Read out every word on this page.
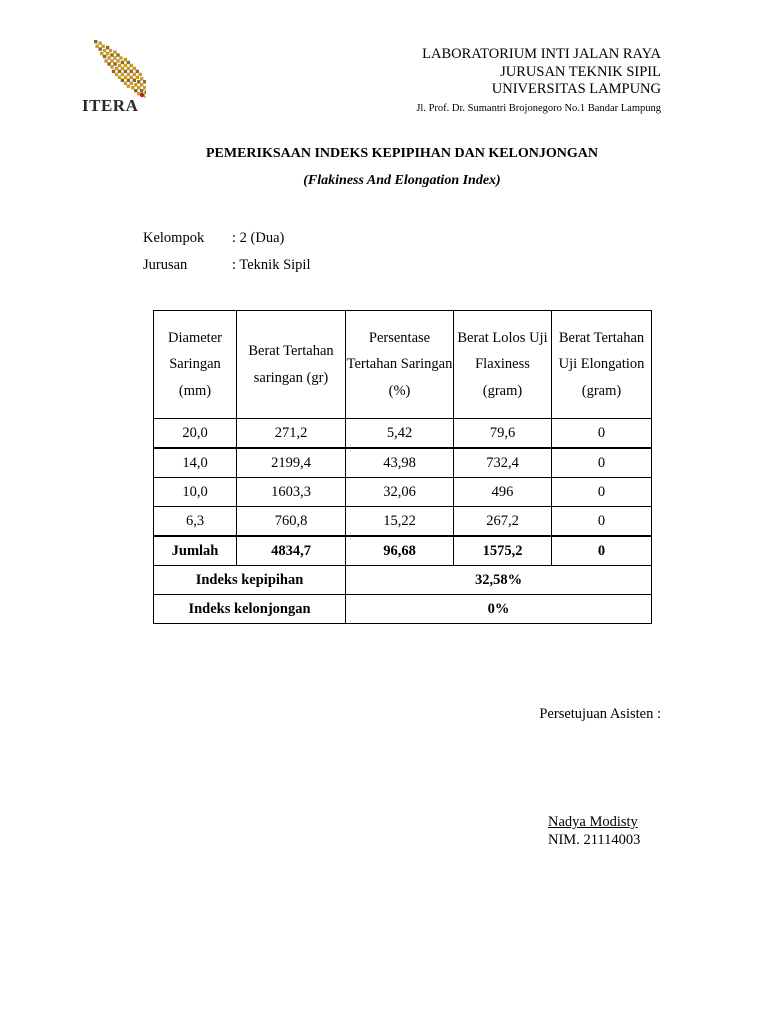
ITERA
LABORATORIUM INTI JALAN RAYA
JURUSAN TEKNIK SIPIL
UNIVERSITAS LAMPUNG
Jl. Prof. Dr. Sumantri Brojonegoro No.1 Bandar Lampung
PEMERIKSAAN INDEKS KEPIPIHAN DAN KELONJONGAN
(Flakiness And Elongation Index)
Kelompok : 2 (Dua)
Jurusan	: Teknik Sipil
Diameter Saringan (mm)	Berat Tertahan saringan (gr)	Persentase Tertahan Saringan (%)	Berat Lolos Uji Flaxiness (gram)	Berat Tertahan Uji Elongation (gram)
20,0	271,2	5,42	79,6	0
14,0	2199,4	43,98	732,4	0
10,0	1603,3	32,06	496	0
6,3	760,8	15,22	267,2	0
Jumlah	4834,7	96,68	1575,2	0
Indeks kepipihan		32,58%		
Indeks kelonjongan		0%		
Persetujuan Asisten :
Nadya Modisty
NIM. 21114003
